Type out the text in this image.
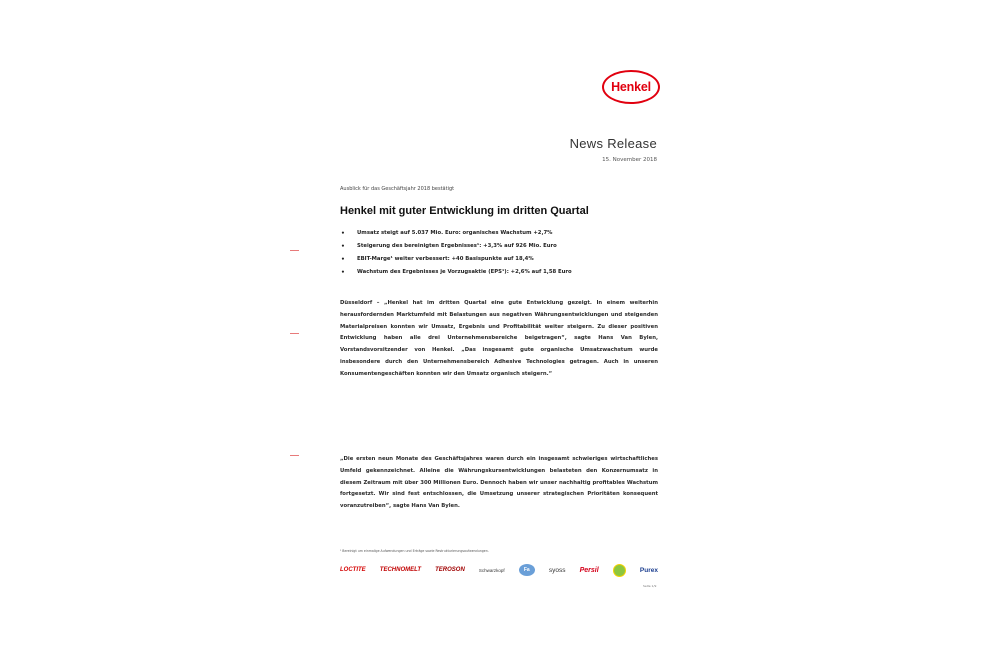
Henkel
News Release
15. November 2018
Ausblick für das Geschäftsjahr 2018 bestätigt
Henkel mit guter Entwicklung im dritten Quartal
• Umsatz steigt auf 5.037 Mio. Euro: organisches Wachstum +2,7%
• Steigerung des bereinigten Ergebnisses¹: +3,3% auf 926 Mio. Euro
• EBIT-Marge¹ weiter verbessert: +40 Basispunkte auf 18,4%
• Wachstum des Ergebnisses je Vorzugsaktie (EPS¹): +2,6% auf 1,58 Euro

Düsseldorf – „Henkel hat im dritten Quartal eine gute Entwicklung gezeigt. In einem weiterhin herausfordernden Marktumfeld mit Belastungen aus negativen Währungsentwicklungen und steigenden Materialpreisen konnten wir Umsatz, Ergebnis und Profitabilität weiter steigern. Zu dieser positiven Entwicklung haben alle drei Unternehmensbereiche beigetragen“, sagte Hans Van Bylen, Vorstandsvorsitzender von Henkel. „Das insgesamt gute organische Umsatzwachstum wurde insbesondere durch den Unternehmensbereich Adhesive Technologies getragen. Auch in unseren Konsumentengeschäften konnten wir den Umsatz organisch steigern.“

„Die ersten neun Monate des Geschäftsjahres waren durch ein insgesamt schwieriges wirtschaftliches Umfeld gekennzeichnet. Alleine die Währungskursentwicklungen belasteten den Konzernumsatz in diesem Zeitraum mit über 300 Millionen Euro. Dennoch haben wir unser nachhaltig profitables Wachstum fortgesetzt. Wir sind fest entschlossen, die Umsetzung unserer strategischen Prioritäten konsequent voranzutreiben“, sagte Hans Van Bylen.

¹ Bereinigt um einmalige Aufwendungen und Erträge sowie Restrukturierungsaufwendungen.
LOCTITE TECHNOMELT TEROSON	Schwarzkopf	Fa	syoss Persil	Purex
Seite 1/9
